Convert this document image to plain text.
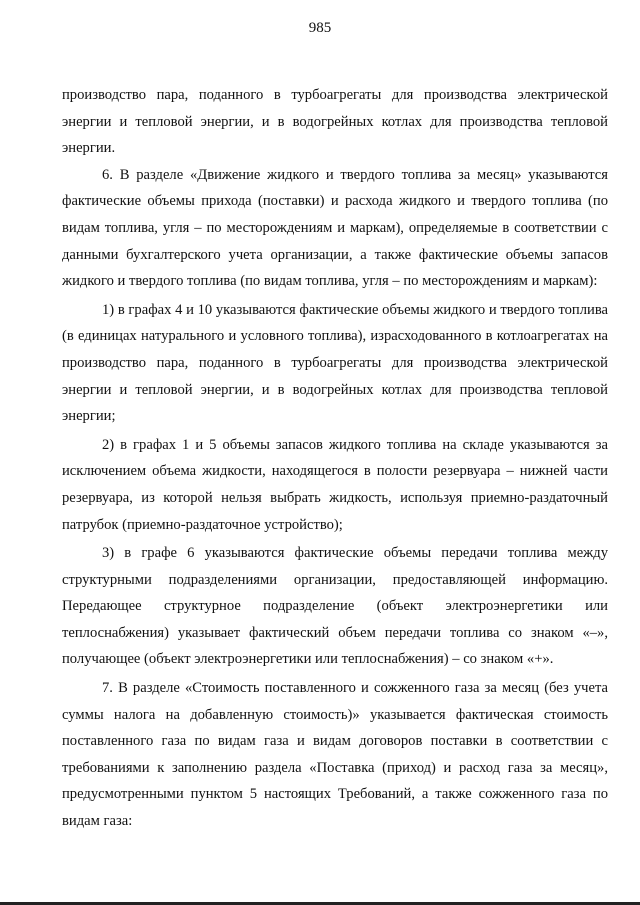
985

производство пара, поданного в турбоагрегаты для производства электрической энергии и тепловой энергии, и в водогрейных котлах для производства тепловой энергии.

6. В разделе «Движение жидкого и твердого топлива за месяц» указываются фактические объемы прихода (поставки) и расхода жидкого и твердого топлива (по видам топлива, угля – по месторождениям и маркам), определяемые в соответствии с данными бухгалтерского учета организации, а также фактические объемы запасов жидкого и твердого топлива (по видам топлива, угля – по месторождениям и маркам):

1) в графах 4 и 10 указываются фактические объемы жидкого и твердого топлива (в единицах натурального и условного топлива), израсходованного в котлоагрегатах на производство пара, поданного в турбоагрегаты для производства электрической энергии и тепловой энергии, и в водогрейных котлах для производства тепловой энергии;

2) в графах 1 и 5 объемы запасов жидкого топлива на складе указываются за исключением объема жидкости, находящегося в полости резервуара – нижней части резервуара, из которой нельзя выбрать жидкость, используя приемно-раздаточный патрубок (приемно-раздаточное устройство);

3) в графе 6 указываются фактические объемы передачи топлива между структурными подразделениями организации, предоставляющей информацию. Передающее структурное подразделение (объект электроэнергетики или теплоснабжения) указывает фактический объем передачи топлива со знаком «–», получающее (объект электроэнергетики или теплоснабжения) – со знаком «+».

7. В разделе «Стоимость поставленного и сожженного газа за месяц (без учета суммы налога на добавленную стоимость)» указывается фактическая стоимость поставленного газа по видам газа и видам договоров поставки в соответствии с требованиями к заполнению раздела «Поставка (приход) и расход газа за месяц», предусмотренными пунктом 5 настоящих Требований, а также сожженного газа по видам газа:
